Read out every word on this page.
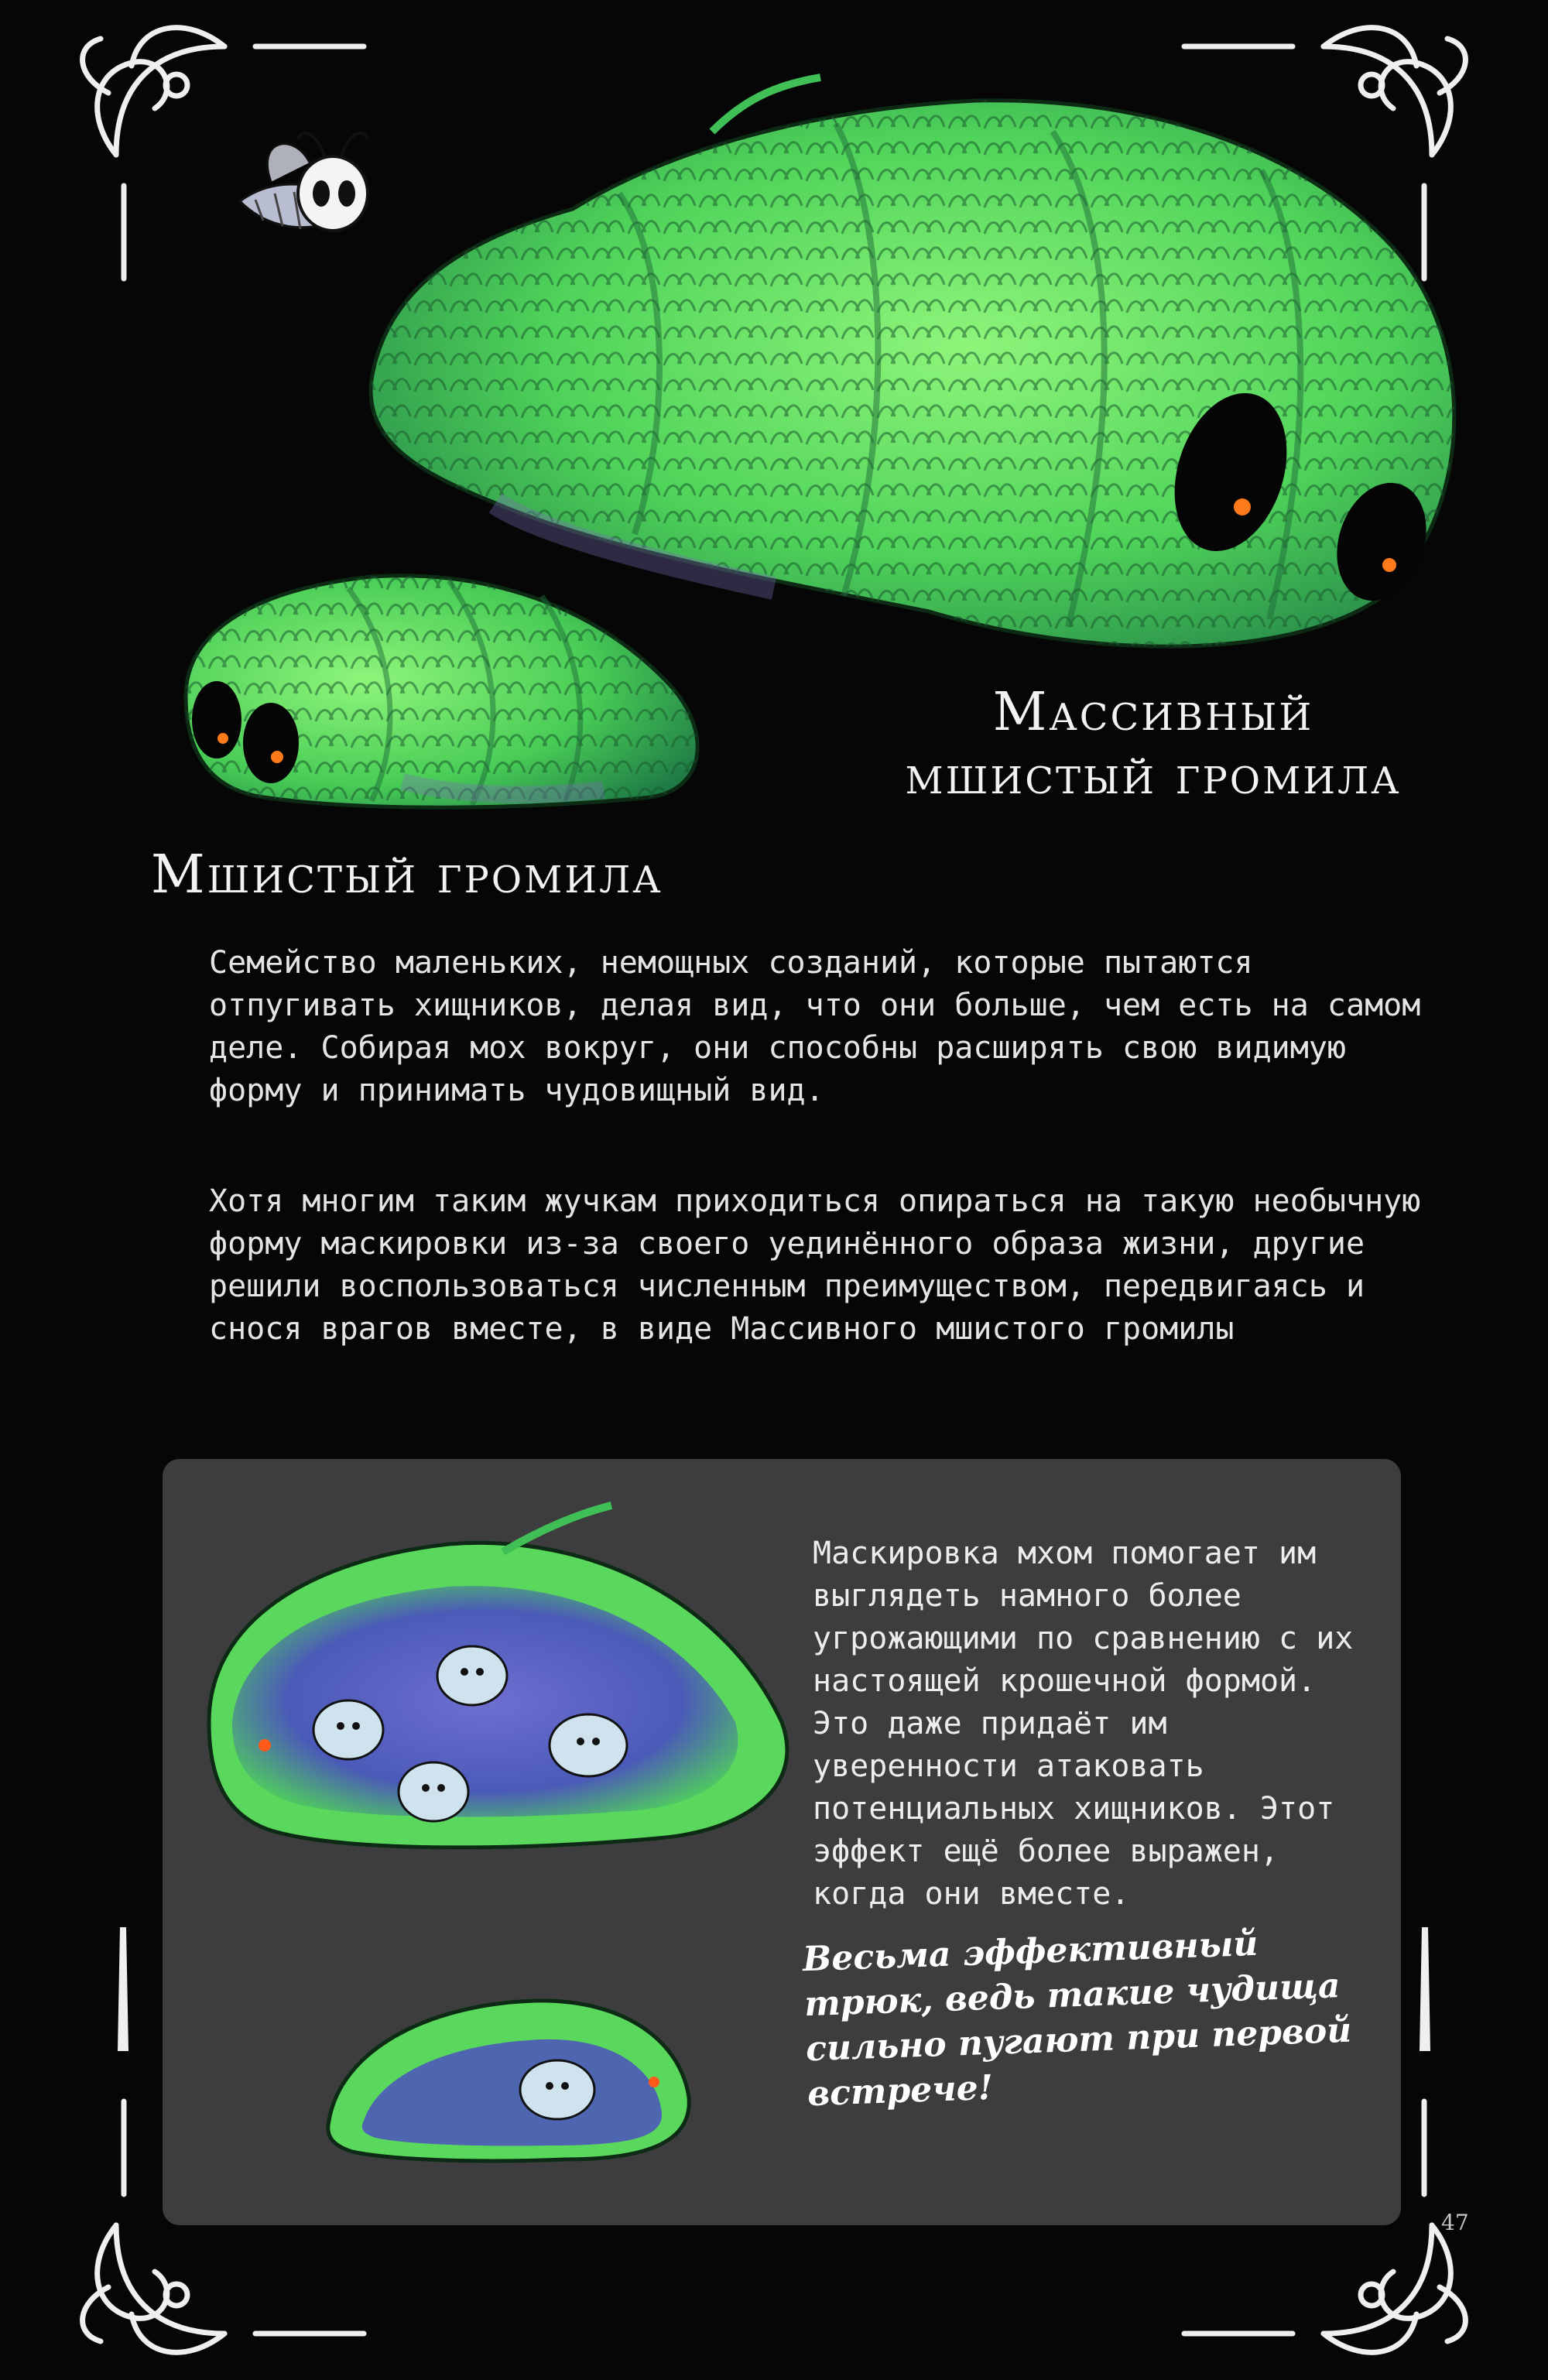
Массивный
мшистый громила
Мшистый громила
Семейство маленьких, немощных созданий, которые пытаются отпугивать хищников, делая вид, что они больше, чем есть на самом деле. Собирая мох вокруг, они способны расширять свою видимую форму и принимать чудовищный вид.
Хотя многим таким жучкам приходиться опираться на такую необычную форму маскировки из-за своего уединённого образа жизни, другие решили воспользоваться численным преимуществом, передвигаясь и снося врагов вместе, в виде Массивного мшистого громилы
Маскировка мхом помогает им выглядеть намного более угрожающими по сравнению с их настоящей крошечной формой. Это даже придаёт им уверенности атаковать потенциальных хищников. Этот эффект ещё более выражен, когда они вместе.
Весьма эффективный трюк, ведь такие чудища сильно пугают при первой встрече!
47
